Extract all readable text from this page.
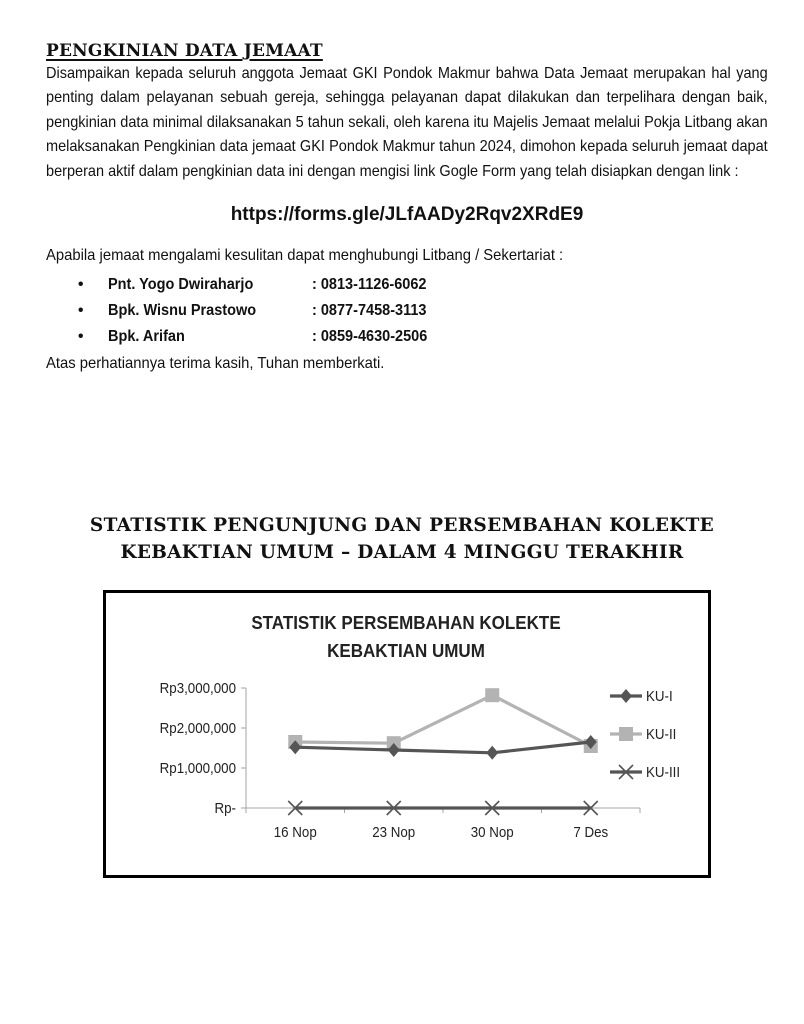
PENGKINIAN DATA JEMAAT

Disampaikan kepada seluruh anggota Jemaat GKI Pondok Makmur bahwa Data Jemaat merupakan hal yang penting dalam pelayanan sebuah gereja, sehingga pelayanan dapat dilakukan dan terpelihara dengan baik, pengkinian data minimal dilaksanakan 5 tahun sekali, oleh karena itu Majelis Jemaat melalui Pokja Litbang akan melaksanakan Pengkinian data jemaat GKI Pondok Makmur tahun 2024, dimohon kepada seluruh jemaat dapat berperan aktif dalam pengkinian data ini dengan mengisi link Gogle Form yang telah disiapkan dengan link :

https://forms.gle/JLfAADy2Rqv2XRdE9
Apabila jemaat mengalami kesulitan dapat menghubungi Litbang / Sekertariat :
• Pnt. Yogo Dwiraharjo	: 0813-1126-6062
• Bpk. Wisnu Prastowo	: 0877-7458-3113
• Bpk. Arifan	: 0859-4630-2506
Atas perhatiannya terima kasih, Tuhan memberkati.
STATISTIK PENGUNJUNG DAN PERSEMBAHAN KOLEKTE
KEBAKTIAN UMUM – DALAM 4 MINGGU TERAKHIR
STATISTIK PERSEMBAHAN KOLEKTE
KEBAKTIAN UMUM
Rp-
Rp1,000,000
Rp2,000,000
Rp3,000,000
16 Nop	23 Nop	30 Nop	7 Des
KU-I
KU-II
KU-III
